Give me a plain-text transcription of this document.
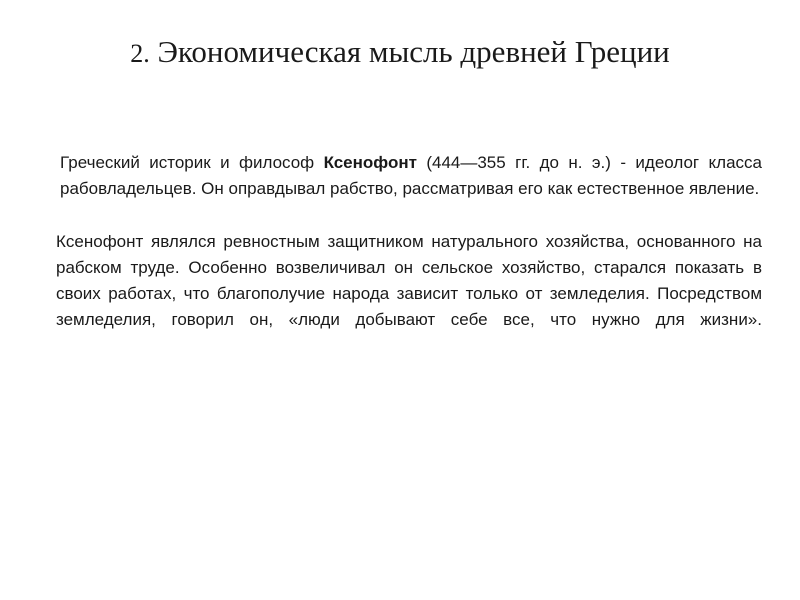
2. Экономическая мысль древней Греции

Греческий историк и философ Ксенофонт (444—355 гг. до н. э.) - идеолог класса рабовладельцев. Он оправдывал рабство, рассматривая его как естественное явление.

Ксенофонт являлся ревностным защитником натурального хозяйства, основанного на рабском труде. Особенно возвеличивал он сельское хозяйство, старался показать в своих работах, что благополучие народа зависит только от земледелия. Посредством земледелия, говорил он, «люди добывают себе все, что нужно для жизни».
